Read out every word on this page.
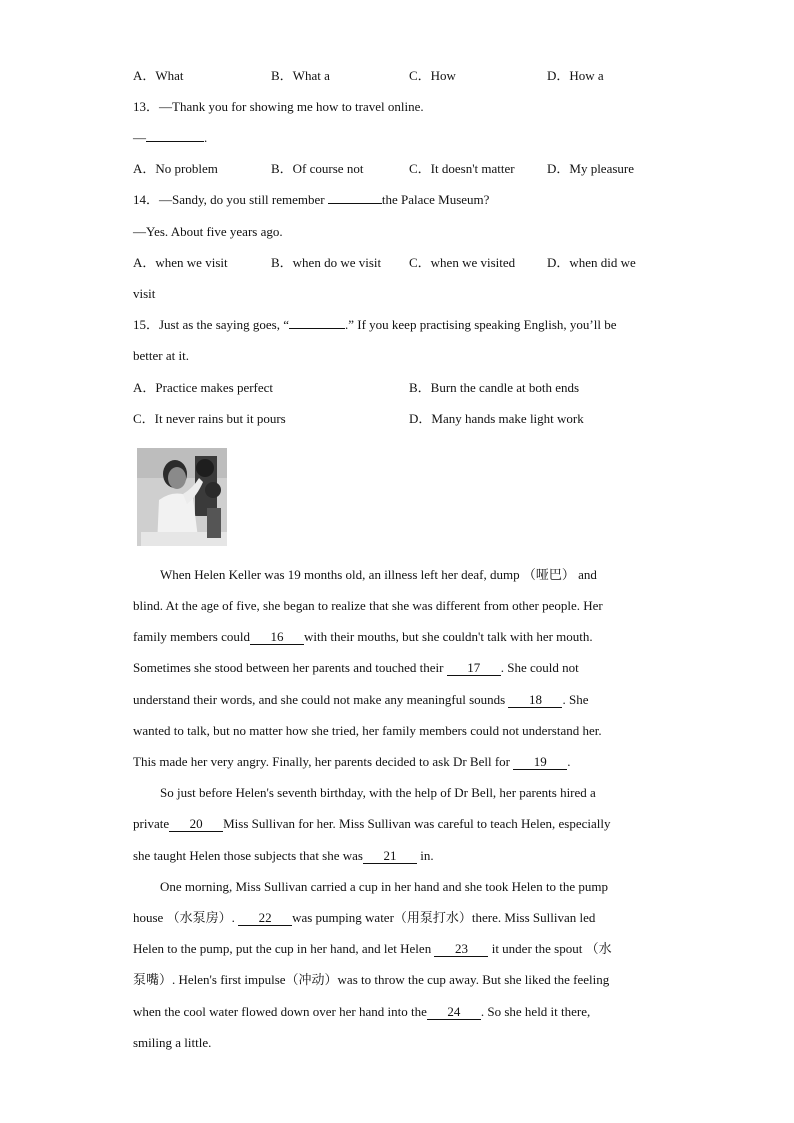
A．What	B．What a	C．How	D．How a
13．—Thank you for showing me how to travel online.
—	.
A．No problem	B．Of course not	C．It doesn't matter D．My pleasure
14．—Sandy, do you still remember	the Palace Museum?
—Yes. About five years ago.
A．when we visit	B．when do we visit C．when we visited D．when did we
visit
15．Just as the saying goes, “	.” If you keep practising speaking English, you’ll be
better at it.
A．Practice makes perfect	B．Burn the candle at both ends
C．It never rains but it pours	D．Many hands make light work
When Helen Keller was 19 months old, an illness left her deaf, dump （哑巴） and
blind. At the age of five, she began to realize that she was different from other people. Her
family members could 16 with their mouths, but she couldn't talk with her mouth.
Sometimes she stood between her parents and touched their 17 . She could not
understand their words, and she could not make any meaningful sounds 18 . She
wanted to talk, but no matter how she tried, her family members could not understand her.
This made her very angry. Finally, her parents decided to ask Dr Bell for 19 .
So just before Helen's seventh birthday, with the help of Dr Bell, her parents hired a
private 20 Miss Sullivan for her. Miss Sullivan was careful to teach Helen, especially
she taught Helen those subjects that she was 21 in.
One morning, Miss Sullivan carried a cup in her hand and she took Helen to the pump
house （水泵房）. 22 was pumping water（用泵打水）there. Miss Sullivan led
Helen to the pump, put the cup in her hand, and let Helen 23 it under the spout （水
泵嘴）. Helen's first impulse（冲动）was to throw the cup away. But she liked the feeling
when the cool water flowed down over her hand into the 24 . So she held it there,
smiling a little.
